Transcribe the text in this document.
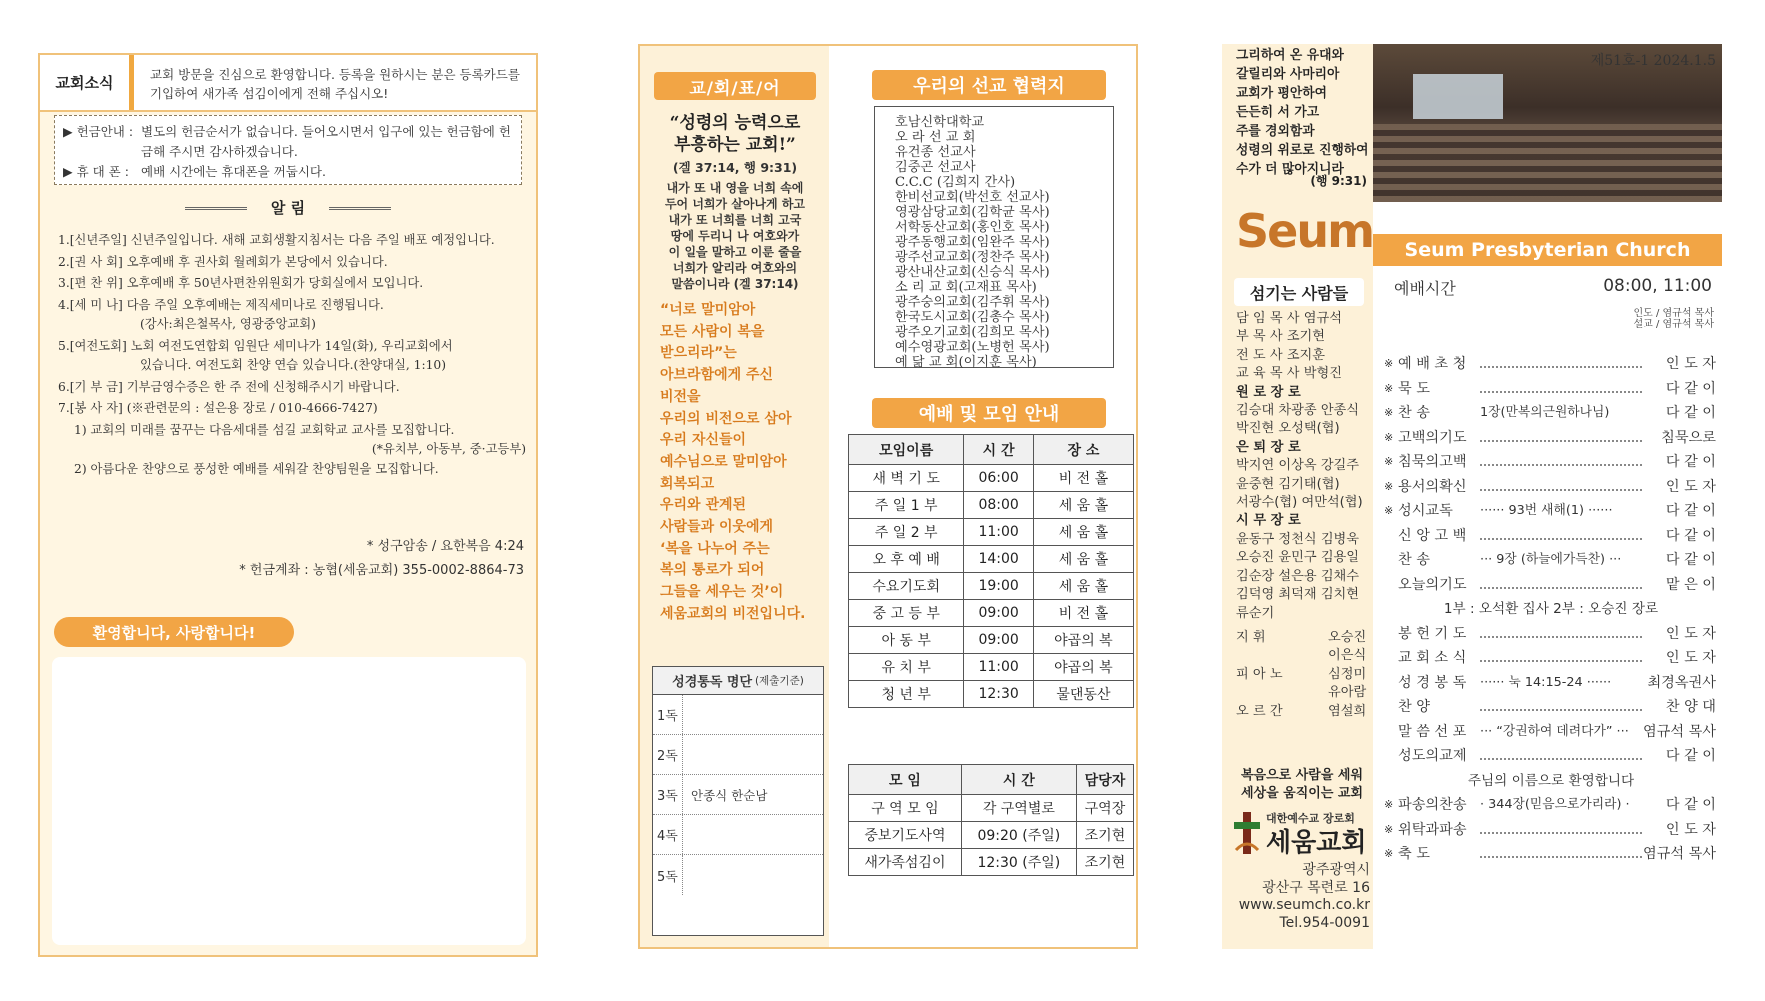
교회소식	교회 방문을 진심으로 환영합니다. 등록을 원하시는 분은 등록카드를 기입하여 새가족 섬김이에게 전해 주십시오!
▶ 헌금안내 : 별도의 헌금순서가 없습니다. 들어오시면서 입구에 있는 헌금함에 헌금해 주시면 감사하겠습니다.
▶ 휴 대 폰 : 예배 시간에는 휴대폰을 꺼둡시다.
알 림
1.[신년주일] 신년주일입니다. 새해 교회생활지침서는 다음 주일 배포 예정입니다.
2.[권 사 회] 오후예배 후 권사회 월례회가 본당에서 있습니다.
3.[편 찬 위] 오후예배 후 50년사편찬위원회가 당회실에서 모입니다.
4.[세 미 나] 다음 주일 오후예배는 제직세미나로 진행됩니다.
(강사:최은철목사, 영광중앙교회)
5.[여전도회] 노회 여전도연합회 임원단 세미나가 14일(화), 우리교회에서
있습니다. 여전도회 찬양 연습 있습니다.(찬양대실, 1:10)
6.[기 부 금] 기부금영수증은 한 주 전에 신청해주시기 바랍니다.
7.[봉 사 자] (※관련문의 : 설은용 장로 / 010-4666-7427)
1) 교회의 미래를 꿈꾸는 다음세대를 섬길 교회학교 교사를 모집합니다.
(*유치부, 아동부, 중·고등부)
2) 아름다운 찬양으로 풍성한 예배를 세워갈 찬양팀원을 모집합니다.
* 성구암송 / 요한복음 4:24
* 헌금계좌 : 농협(세움교회) 355-0002-8864-73
환영합니다, 사랑합니다!
교/회/표/어
“성령의 능력으로
부흥하는 교회!”
(겔 37:14, 행 9:31)
내가 또 내 영을 너희 속에
두어 너희가 살아나게 하고
내가 또 너희를 너희 고국
땅에 두리니 나 여호와가
이 일을 말하고 이룬 줄을
너희가 알리라 여호와의
말씀이니라 (겔 37:14)
“너로 말미암아
모든 사람이 복을
받으리라”는
아브라함에게 주신
비전을
우리의 비전으로 삼아
우리 자신들이
예수님으로 말미암아
회복되고
우리와 관계된
사람들과 이웃에게
‘복을 나누어 주는
복의 통로가 되어
그들을 세우는 것’이
세움교회의 비전입니다.
성경통독 명단 (제출기준)
1독
2독
3독	안종식 한순남
4독
5독
우리의 선교 협력지
호남신학대학교
오 라 선 교 회
유건종 선교사
김중곤 선교사
C.C.C (김희지 간사)
한비선교회(박선호 선교사)
영광삼당교회(김학균 목사)
서학동산교회(홍인호 목사)
광주동행교회(임완주 목사)
광주선교교회(정찬주 목사)
광산내산교회(신승식 목사)
소 리 교 회(고재표 목사)
광주숭의교회(김주휘 목사)
한국도시교회(김총수 목사)
광주오기교회(김희모 목사)
예수영광교회(노병헌 목사)
예 닮 교 회(이지훈 목사)
예배 및 모임 안내
모임이름	시 간	장 소
새 벽 기 도	06:00	비 전 홀
주 일 1 부	08:00	세 움 홀
주 일 2 부	11:00	세 움 홀
오 후 예 배	14:00	세 움 홀
수요기도회	19:00	세 움 홀
중 고 등 부	09:00	비 전 홀
아 동 부	09:00	야곱의 복
유 치 부	11:00	야곱의 복
청 년 부	12:30	물댄동산
모 임	시 간	담당자
구 역 모 임	각 구역별로	구역장
중보기도사역	09:20 (주일)	조기현
새가족섬김이	12:30 (주일)	조기현
그리하여 온 유대와
갈릴리와 사마리아
교회가 평안하여
든든히 서 가고
주를 경외함과
성령의 위로로 진행하여
수가 더 많아지니라
(행 9:31)
Seum
섬기는 사람들
담 임 목 사 염규석
부 목 사 조기현
전 도 사 조지훈
교 육 목 사 박형진
원 로 장 로
김승대 차광종 안종식
박진현 오성택(협)
은 퇴 장 로
박지연 이상옥 강길주
윤중현 김기태(협)
서광수(협) 여만석(협)
시 무 장 로
윤동구 정천식 김병욱
오승진 윤민구 김용일
김순장 설은용 김채수
김덕영 최덕재 김치현
류순기
지 휘	오승진
이은식
피 아 노	심정미
유아람
오 르 간	염설희
복음으로 사람을 세워
세상을 움직이는 교회
대한예수교 장로회
세움교회
광주광역시
광산구 목련로 16
www.seumch.co.kr
Tel.954-0091
제51호-1 2024.1.5
Seum Presbyterian Church
예배시간	08:00, 11:00
인도 / 염규석 목사
설교 / 염규석 목사
※ 예 배 초 청	인 도 자
※ 묵 도	다 같 이
※ 찬 송	1장(만복의근원하나님)	다 같 이
※ 고백의기도	침묵으로
※ 침묵의고백	다 같 이
※ 용서의확신	인 도 자
※ 성시교독 ······ 93번 새해(1) ······	다 같 이
신 앙 고 백	다 같 이
찬 송	··· 9장 (하늘에가득찬) ···	다 같 이
오늘의기도	맡 은 이
1부 : 오석환 집사 2부 : 오승진 장로
봉 헌 기 도	인 도 자
교 회 소 식	인 도 자
성 경 봉 독 ······ 눅 14:15-24 ······	최경옥권사
찬 양	찬 양 대
말 씀 선 포 ··· “강권하여 데려다가” ··· 염규석 목사
성도의교제	다 같 이
주님의 이름으로 환영합니다
※ 파송의찬송 · 344장(믿음으로가리라) ·	다 같 이
※ 위탁과파송	인 도 자
※ 축 도	염규석 목사
